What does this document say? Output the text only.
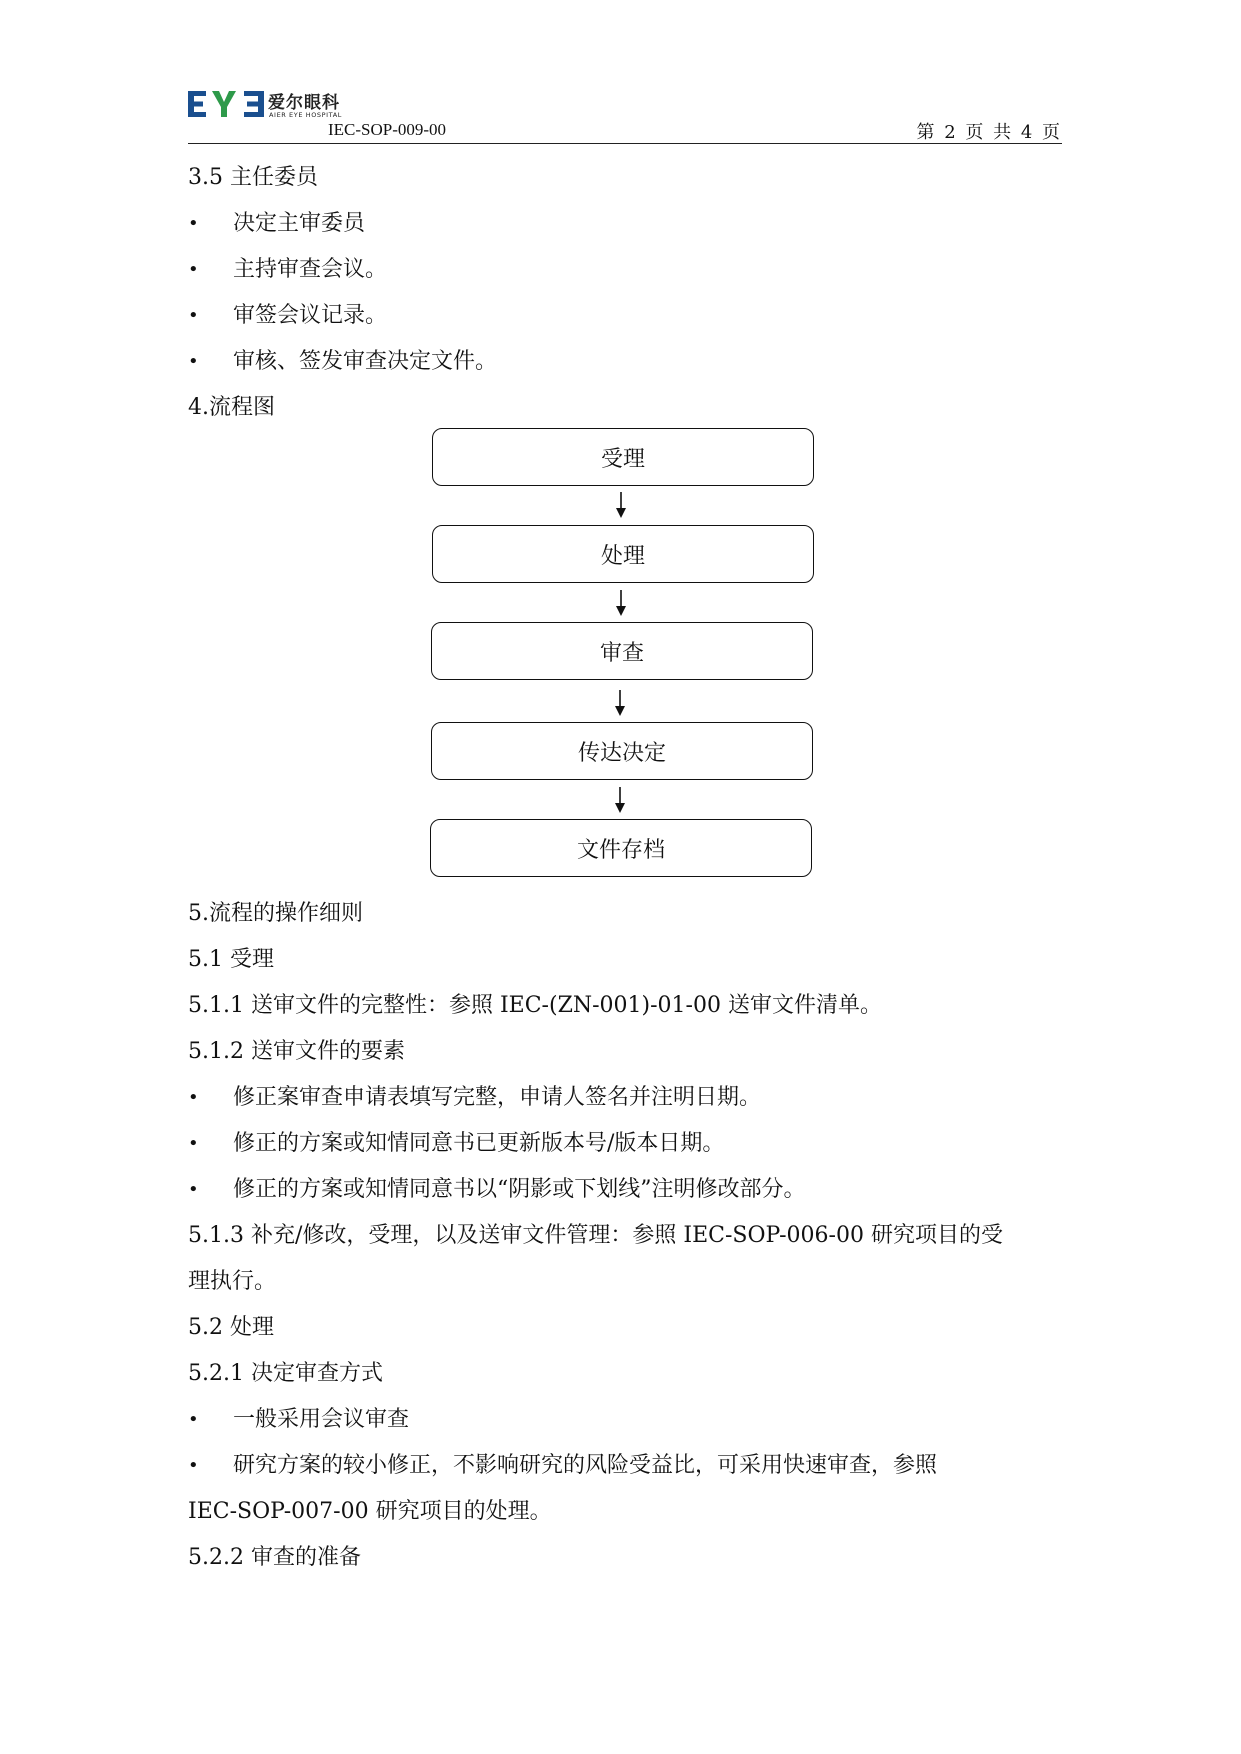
爱尔眼科
AIER EYE HOSPITAL
IEC-SOP-009-00	第 2 页 共 4 页
3.5 主任委员
• 决定主审委员
• 主持审查会议。
• 审签会议记录。
• 审核、签发审查决定文件。
4.流程图
受理
处理
审查
传达决定
文件存档
5.流程的操作细则
5.1 受理
5.1.1 送审文件的完整性：参照 IEC-(ZN-001)-01-00 送审文件清单。
5.1.2 送审文件的要素
• 修正案审查申请表填写完整，申请人签名并注明日期。
• 修正的方案或知情同意书已更新版本号/版本日期。
• 修正的方案或知情同意书以“阴影或下划线”注明修改部分。
5.1.3 补充/修改，受理，以及送审文件管理：参照 IEC-SOP-006-00 研究项目的受
理执行。
5.2 处理
5.2.1 决定审查方式
• 一般采用会议审查
• 研究方案的较小修正，不影响研究的风险受益比，可采用快速审查，参照
IEC-SOP-007-00 研究项目的处理。
5.2.2 审查的准备
